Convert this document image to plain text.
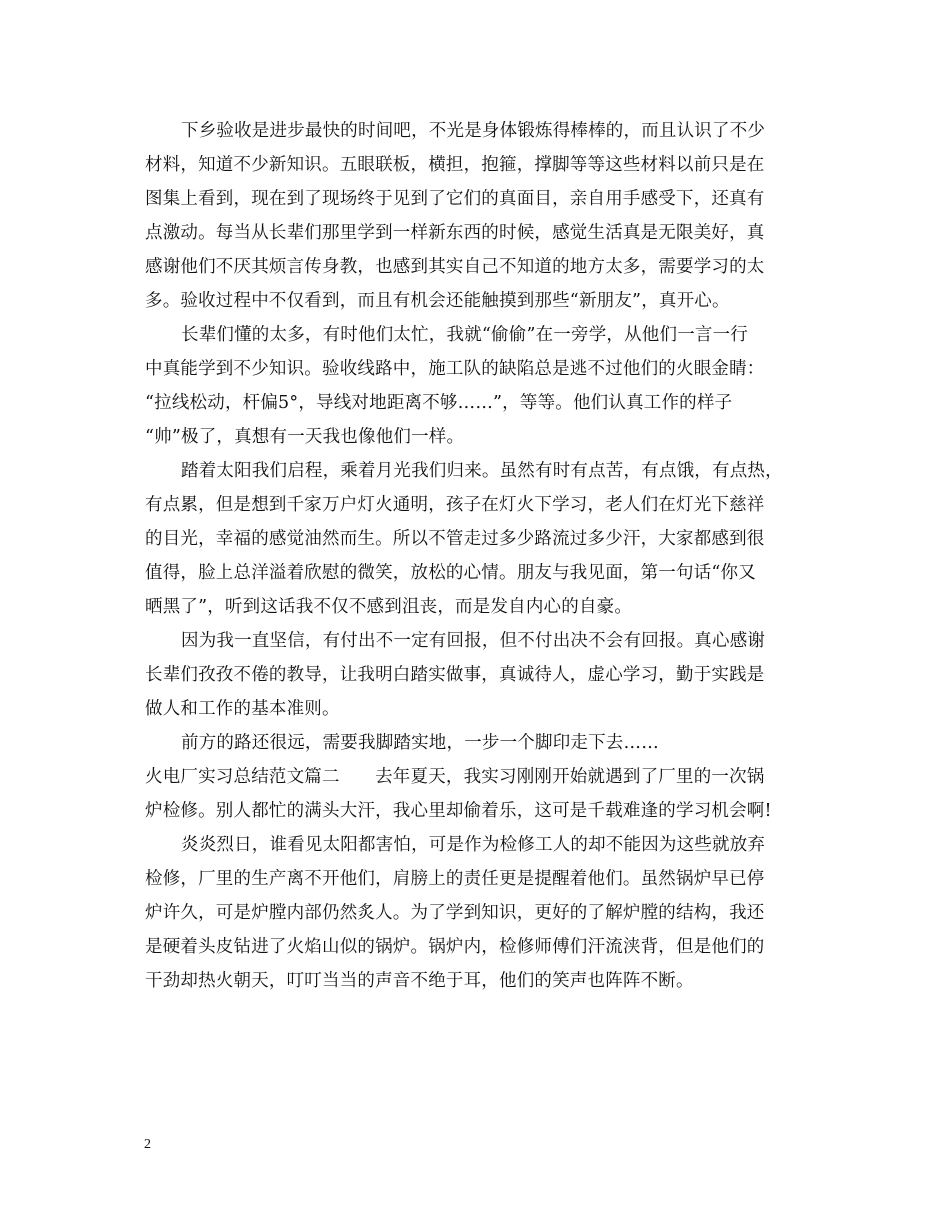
下乡验收是进步最快的时间吧，不光是身体锻炼得棒棒的，而且认识了不少
材料，知道不少新知识。五眼联板，横担，抱箍，撑脚等等这些材料以前只是在
图集上看到，现在到了现场终于见到了它们的真面目，亲自用手感受下，还真有
点激动。每当从长辈们那里学到一样新东西的时候，感觉生活真是无限美好，真
感谢他们不厌其烦言传身教，也感到其实自己不知道的地方太多，需要学习的太
多。验收过程中不仅看到，而且有机会还能触摸到那些“新朋友”，真开心。
长辈们懂的太多，有时他们太忙，我就“偷偷”在一旁学，从他们一言一行
中真能学到不少知识。验收线路中，施工队的缺陷总是逃不过他们的火眼金睛：
“拉线松动，杆偏5°，导线对地距离不够……”，等等。他们认真工作的样子
“帅”极了，真想有一天我也像他们一样。
踏着太阳我们启程，乘着月光我们归来。虽然有时有点苦，有点饿，有点热，
有点累，但是想到千家万户灯火通明，孩子在灯火下学习，老人们在灯光下慈祥
的目光，幸福的感觉油然而生。所以不管走过多少路流过多少汗，大家都感到很
值得，脸上总洋溢着欣慰的微笑，放松的心情。朋友与我见面，第一句话“你又
晒黑了”，听到这话我不仅不感到沮丧，而是发自内心的自豪。
因为我一直坚信，有付出不一定有回报，但不付出决不会有回报。真心感谢
长辈们孜孜不倦的教导，让我明白踏实做事，真诚待人，虚心学习，勤于实践是
做人和工作的基本准则。
前方的路还很远，需要我脚踏实地，一步一个脚印走下去……
火电厂实习总结范文篇二　　去年夏天，我实习刚刚开始就遇到了厂里的一次锅
炉检修。别人都忙的满头大汗，我心里却偷着乐，这可是千载难逢的学习机会啊!
炎炎烈日，谁看见太阳都害怕，可是作为检修工人的却不能因为这些就放弃
检修，厂里的生产离不开他们，肩膀上的责任更是提醒着他们。虽然锅炉早已停
炉许久，可是炉膛内部仍然炙人。为了学到知识，更好的了解炉膛的结构，我还
是硬着头皮钻进了火焰山似的锅炉。锅炉内，检修师傅们汗流浃背，但是他们的
干劲却热火朝天，叮叮当当的声音不绝于耳，他们的笑声也阵阵不断。
2
